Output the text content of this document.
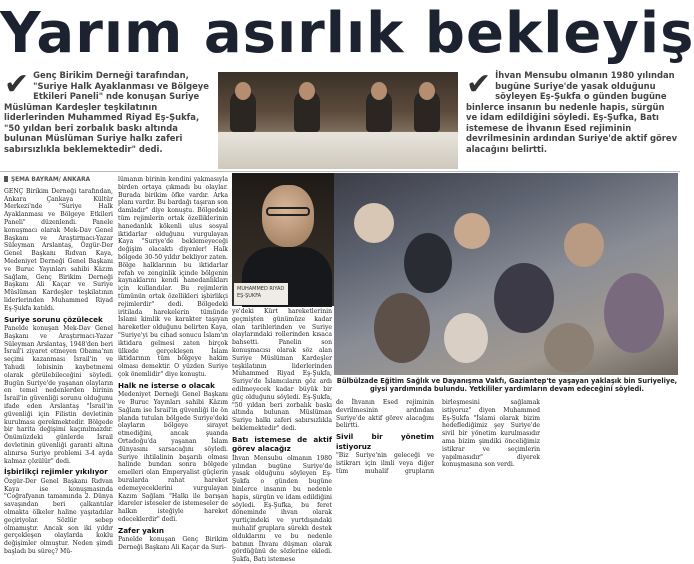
Yarım asırlık bekleyiş
✔ Genç Birikim Derneği tarafından, "Suriye Halk Ayaklanması ve Bölgeye Etkileri Paneli" nde konuşan Suriye Müslüman Kardeşler teşkilatının liderlerinden Muhammed Riyad Eş-Şukfa, "50 yıldan beri zorbalık baskı altında bulunan Müslüman Suriye halkı zaferi sabırsızlıkla beklemektedir" dedi.
✔ İhvan Mensubu olmanın 1980 yılından bugüne Suriye'de yasak olduğunu söyleyen Eş-Şukfa o günden bugüne binlerce insanın bu nedenle hapis, sürgün ve idam edildiğini söyledi. Eş-Şufka, Batı istemese de İhvanın Esed rejiminin devrilmesinin ardından Suriye'de aktif görev alacağını belirtti.
MUHAMMED RIYAD EŞ-ŞUKFA
Bülbülzade Eğitim Sağlık ve Dayanışma Vakfı, Gaziantep'te yaşayan yaklaşık bin Suriyeliye, giysi yardımında bulundu. Yetkililer yardımların devam edeceğini söyledi.
ŞEMA BAYRAM/ ANKARA

GENÇ Birikim Derneği tarafından, Ankara Çankaya Kültür Merkezi'nde "Suriye Halk Ayaklanması ve Bölgeye Etkileri Paneli" düzenlendi. Panele konuşmacı olarak Mek-Dav Genel Başkanı ve Araştırmacı-Yazar Süleyman Arslantaş, Özgür-Der Genel Başkanı Rıdvan Kaya, Medeniyet Derneği Genel Başkanı ve Buruc Yayınları sahibi Kâzım Sağlam, Genç Birikim Derneği Başkanı Ali Kaçar ve Suriye Müslüman Kardeşler teşkilatının liderlerinden Muhammed Riyad Eş-Şukfa katıldı.

Suriye sorunu çözülecek

Panelde konuşan Mek-Dav Genel Başkanı ve Araştırmacı-Yazar Süleyman Arslantaş, 1948'den beri İsrail'i ziyaret etmeyen Obama'nın seçimi kazanması İsrail'in ve Yahudi lobisinin kaybetmemi olarak görülebileceğini söyledi. Bugün Suriye'de yaşanan olayların en temel nedenlerden birinin İsrail'in güvenliği sorunu olduğunu ifade eden Arslantaş "İsrail'in güvenliği için Filistin devletinin kurulması gerekmektedir. Bölgede bir harita değişimi kaçınılmazdır. Önümüzdeki günlerde İsrail devletinin güvenliği garanti altına alınırsa Suriye problemi 3-4 ayda kalmaz çözülür" dedi.

İşbirlikçi rejimler yıkılıyor

Özgür-Der Genel Başkanı Rıdvan Kaya ise konuşmasında "Coğrafyanın tamamında 2. Dünya savaşından beri çalkantılar olmakta ölkeler haline yaşıtadılar geçiriyolar. Sözlür sebep olmamıştır. Ancak son iki yıldır gerçekleşen olaylarda koklu değişimler olmuştur. Neden şimdi başladı bu süreç? Mü-

lümanın birinin kendini yakmasıyla birden ortaya çıkmadı bu olaylar. Burada birikim öfke vardır. Arka planı vardır. Bu bardağı taşıran son damladır" diye konuştu. Bölgedeki tüm rejimlerin ortak özelliklerinin hanedanlık kökenli ulus sosyal iktidarlar olduğunu vurgulayan Kaya "Suriye'de beklemeyeceği değişim olacaktı diyenler! Halk bölgede 30-50 yıldır bekliyor zaten. Bölge halklarının bu iktidarlar refah ve zenginlik içinde bölgenin kaynaklarını kendi hanedanlıkları için kullandılar. Bu rejimlerin tümünün ortak özellikleri işbirlikçi rejimlerdir" dedi. Bölgedeki iritilada harekelerin tümünde İslami kimlik ve karakter taşıyan hareketler olduğunu belirten Kaya, "Suriye'yi bu cihad sonucu İslam'ın iktidara gelmesi zaten birçok ülkede gerçekleşen İslam iktidarının tüm bölgeye hakim olması demektir. O yüzden Suriye çok önemlidir" diye konuştu.

Halk ne isterse o olacak

Medeniyet Derneği Genel Başkanı ve Buruc Yayınları sahibi Kâzım Sağlam ise İsrail'in güvenliği ile ön planda tutulan bölgede Suriye'deki olayların bölgeye sirayet etmediğini, ancak şuanda Ortadoğu'da yaşanan İslam dünyasını sarsacağını söyledi. Suriye ihtilalinin başarılı olması halinde bundan sonra bölgede emelleri olan Emperyalist güçlerin buralarda rahat hareket edemeyeceklerini vurgulayan Kazım Sağlam "Halkı ile barışan idareler isteseler de istemeseler de halkın isteğiyle hareket edeceklerdir" dedi.

Zafer yakın

Panelde konuşan Genç Birikim Derneği Başkanı Ali Kaçar da Suri-

ye'deki Kürt hareketlerinin geçmişten günümüze kadar olan tarihlerinden ve Suriye olaylarındaki rollerinden kısaca bahsetti. Panelin son konuşmacısı olarak söz alan Suriye Müslüman Kardeşler teşkilatının liderlerinden Muhammed Riyad Eş-Şukfa, Suriye'de İslamcıların göz ardı edilmeyecek kadar büyük bir güç olduğunu söyledi. Eş-Şukfa, "50 yıldan beri zorbalık baskı altında bulunan Müslüman Suriye halkı zaferi sabırsızlıkla beklemektedir" dedi.

Batı istemese de aktif görev alacağız

İhvan Mensubu olmanın 1980 yılından bugüne Suriye'de yasak olduğunu söyleyen Eş-Şukfa o günden bugüne binlerce insanın bu nedenle hapis, sürgün ve idam edildiğini söyledi. Eş-Şufka, bu feret döneminde ihvan olarak yurtiçindeki ve yurtdışındaki muhalif gruplara süreklı destek olduklarını ve bu nedenle batının İhvanı düşman olarak gördüğünü de sözlerine ekledi. Şukfa, Batı istemese

de İhvanın Esed rejiminin devrilmesinin ardından Suriye'de aktif görev alacağını belirtti.

Sivil bir yönetim istiyoruz

"Biz Suriye'nin geleceği ve istikrarı için ilmli veya diğer tüm muhalif grupların birleşmesini sağlamak istiyoruz" diyen Muhammed Eş-Şukfa "İslami olarak bizim hedeflediğimiz şey Suriye'de sivil bir yönetim kurulmasıdır ama bizim şimdiki önceliğimiz istikrar ve seçimlerin yapılmasıdır" diyerek konuşmasına son verdi.
